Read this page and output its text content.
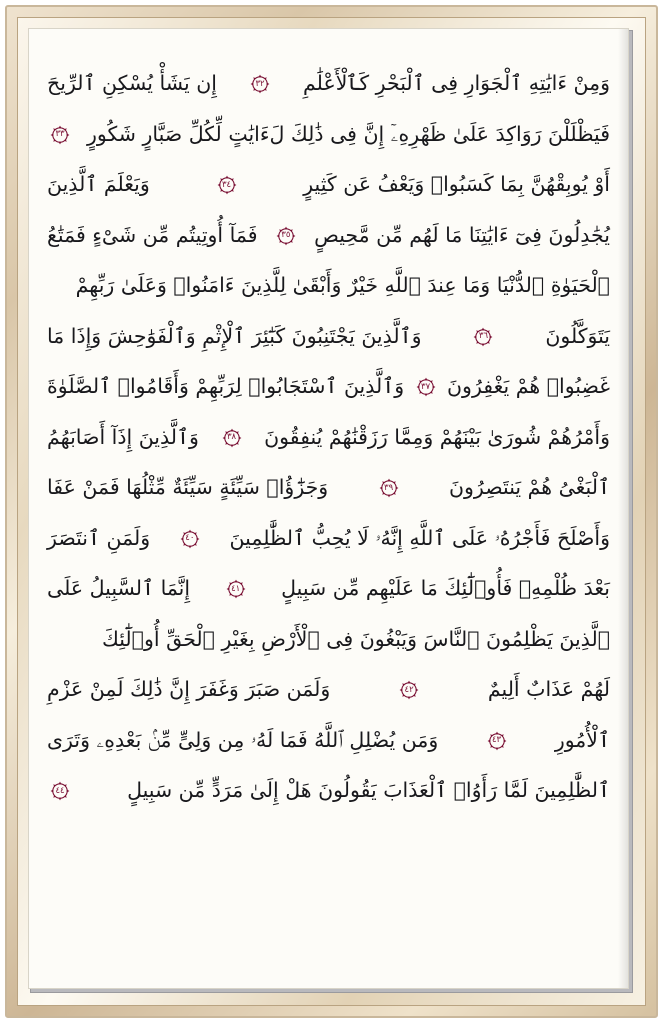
وَمِنْ ءَايَٰتِهِ ٱلْجَوَارِ فِى ٱلْبَحْرِ كَٱلْأَعْلَٰمِ
٣٢
إِن يَشَأْ يُسْكِنِ ٱلرِّيحَ
فَيَظْلَلْنَ رَوَاكِدَ عَلَىٰ ظَهْرِهِۦٓ إِنَّ فِى ذَٰلِكَ لَءَايَٰتٍ لِّكُلِّ صَبَّارٍ شَكُورٍ
٣٣
أَوْ يُوبِقْهُنَّ بِمَا كَسَبُوا۟ وَيَعْفُ عَن كَثِيرٍ
٣٤
وَيَعْلَمَ ٱلَّذِينَ
يُجَٰدِلُونَ فِىٓ ءَايَٰتِنَا مَا لَهُم مِّن مَّحِيصٍ
٣٥
فَمَآ أُوتِيتُم مِّن شَىْءٍ فَمَتَٰعُ
ٱلْحَيَوٰةِ ٱلدُّنْيَا وَمَا عِندَ ٱللَّهِ خَيْرٌ وَأَبْقَىٰ لِلَّذِينَ ءَامَنُوا۟ وَعَلَىٰ رَبِّهِمْ
يَتَوَكَّلُونَ
٣٦
وَٱلَّذِينَ يَجْتَنِبُونَ كَبَٰٓئِرَ ٱلْإِثْمِ وَٱلْفَوَٰحِشَ وَإِذَا مَا
غَضِبُوا۟ هُمْ يَغْفِرُونَ
٣٧
وَٱلَّذِينَ ٱسْتَجَابُوا۟ لِرَبِّهِمْ وَأَقَامُوا۟ ٱلصَّلَوٰةَ
وَأَمْرُهُمْ شُورَىٰ بَيْنَهُمْ وَمِمَّا رَزَقْنَٰهُمْ يُنفِقُونَ
٣٨
وَٱلَّذِينَ إِذَآ أَصَابَهُمُ
ٱلْبَغْىُ هُمْ يَنتَصِرُونَ
٣٩
وَجَزَٰٓؤُا۟ سَيِّئَةٍ سَيِّئَةٌ مِّثْلُهَا فَمَنْ عَفَا
وَأَصْلَحَ فَأَجْرُهُۥ عَلَى ٱللَّهِ إِنَّهُۥ لَا يُحِبُّ ٱلظَّٰلِمِينَ
٤٠
وَلَمَنِ ٱنتَصَرَ
بَعْدَ ظُلْمِهِۦ فَأُو۟لَٰٓئِكَ مَا عَلَيْهِم مِّن سَبِيلٍ
٤١
إِنَّمَا ٱلسَّبِيلُ عَلَى
ٱلَّذِينَ يَظْلِمُونَ ٱلنَّاسَ وَيَبْغُونَ فِى ٱلْأَرْضِ بِغَيْرِ ٱلْحَقِّ أُو۟لَٰٓئِكَ
لَهُمْ عَذَابٌ أَلِيمٌ
٤٢
وَلَمَن صَبَرَ وَغَفَرَ إِنَّ ذَٰلِكَ لَمِنْ عَزْمِ
ٱلْأُمُورِ
٤٣
وَمَن يُضْلِلِ ٱللَّهُ فَمَا لَهُۥ مِن وَلِىٍّ مِّنۢ بَعْدِهِۦ وَتَرَى
ٱلظَّٰلِمِينَ لَمَّا رَأَوُا۟ ٱلْعَذَابَ يَقُولُونَ هَلْ إِلَىٰ مَرَدٍّ مِّن سَبِيلٍ
٤٤
